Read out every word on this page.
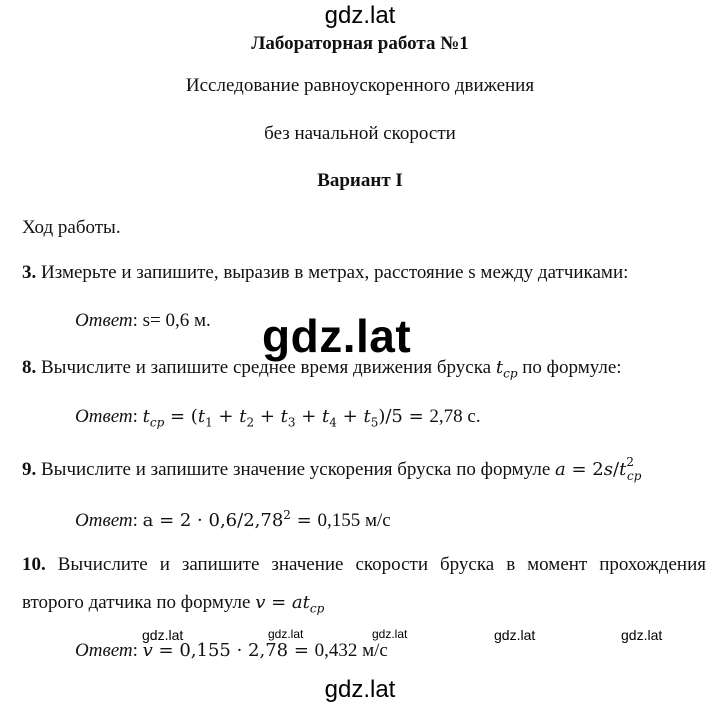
gdz.lat
gdz.lat
gdz.lat	gdz.lat	gdz.lat	gdz.lat	gdz.lat
gdz.lat
Лабораторная работа №1
Исследование равноускоренного движения
без начальной скорости
Вариант I
Ход работы.
3. Измерьте и запишите, выразив в метрах, расстояние s между датчиками:
Ответ: s= 0,6 м.
8. Вычислите и запишите среднее время движения бруска $t_{cp}$ по формуле:
Ответ: $t_{cp} = (t_1 + t_2 + t_3 + t_4 + t_5)/5 = 2,78$ с.
9. Вычислите и запишите значение ускорения бруска по формуле $a = 2s/t^2_{cp}$
Ответ: $a = 2 \cdot 0,6/2,78^2 = 0,155$ м/с
10. Вычислите и запишите значение скорости бруска в момент прохождения
второго датчика по формуле $v = at_{cp}$
Ответ: v = 0,155 · 2,78 = 0,432 м/с
